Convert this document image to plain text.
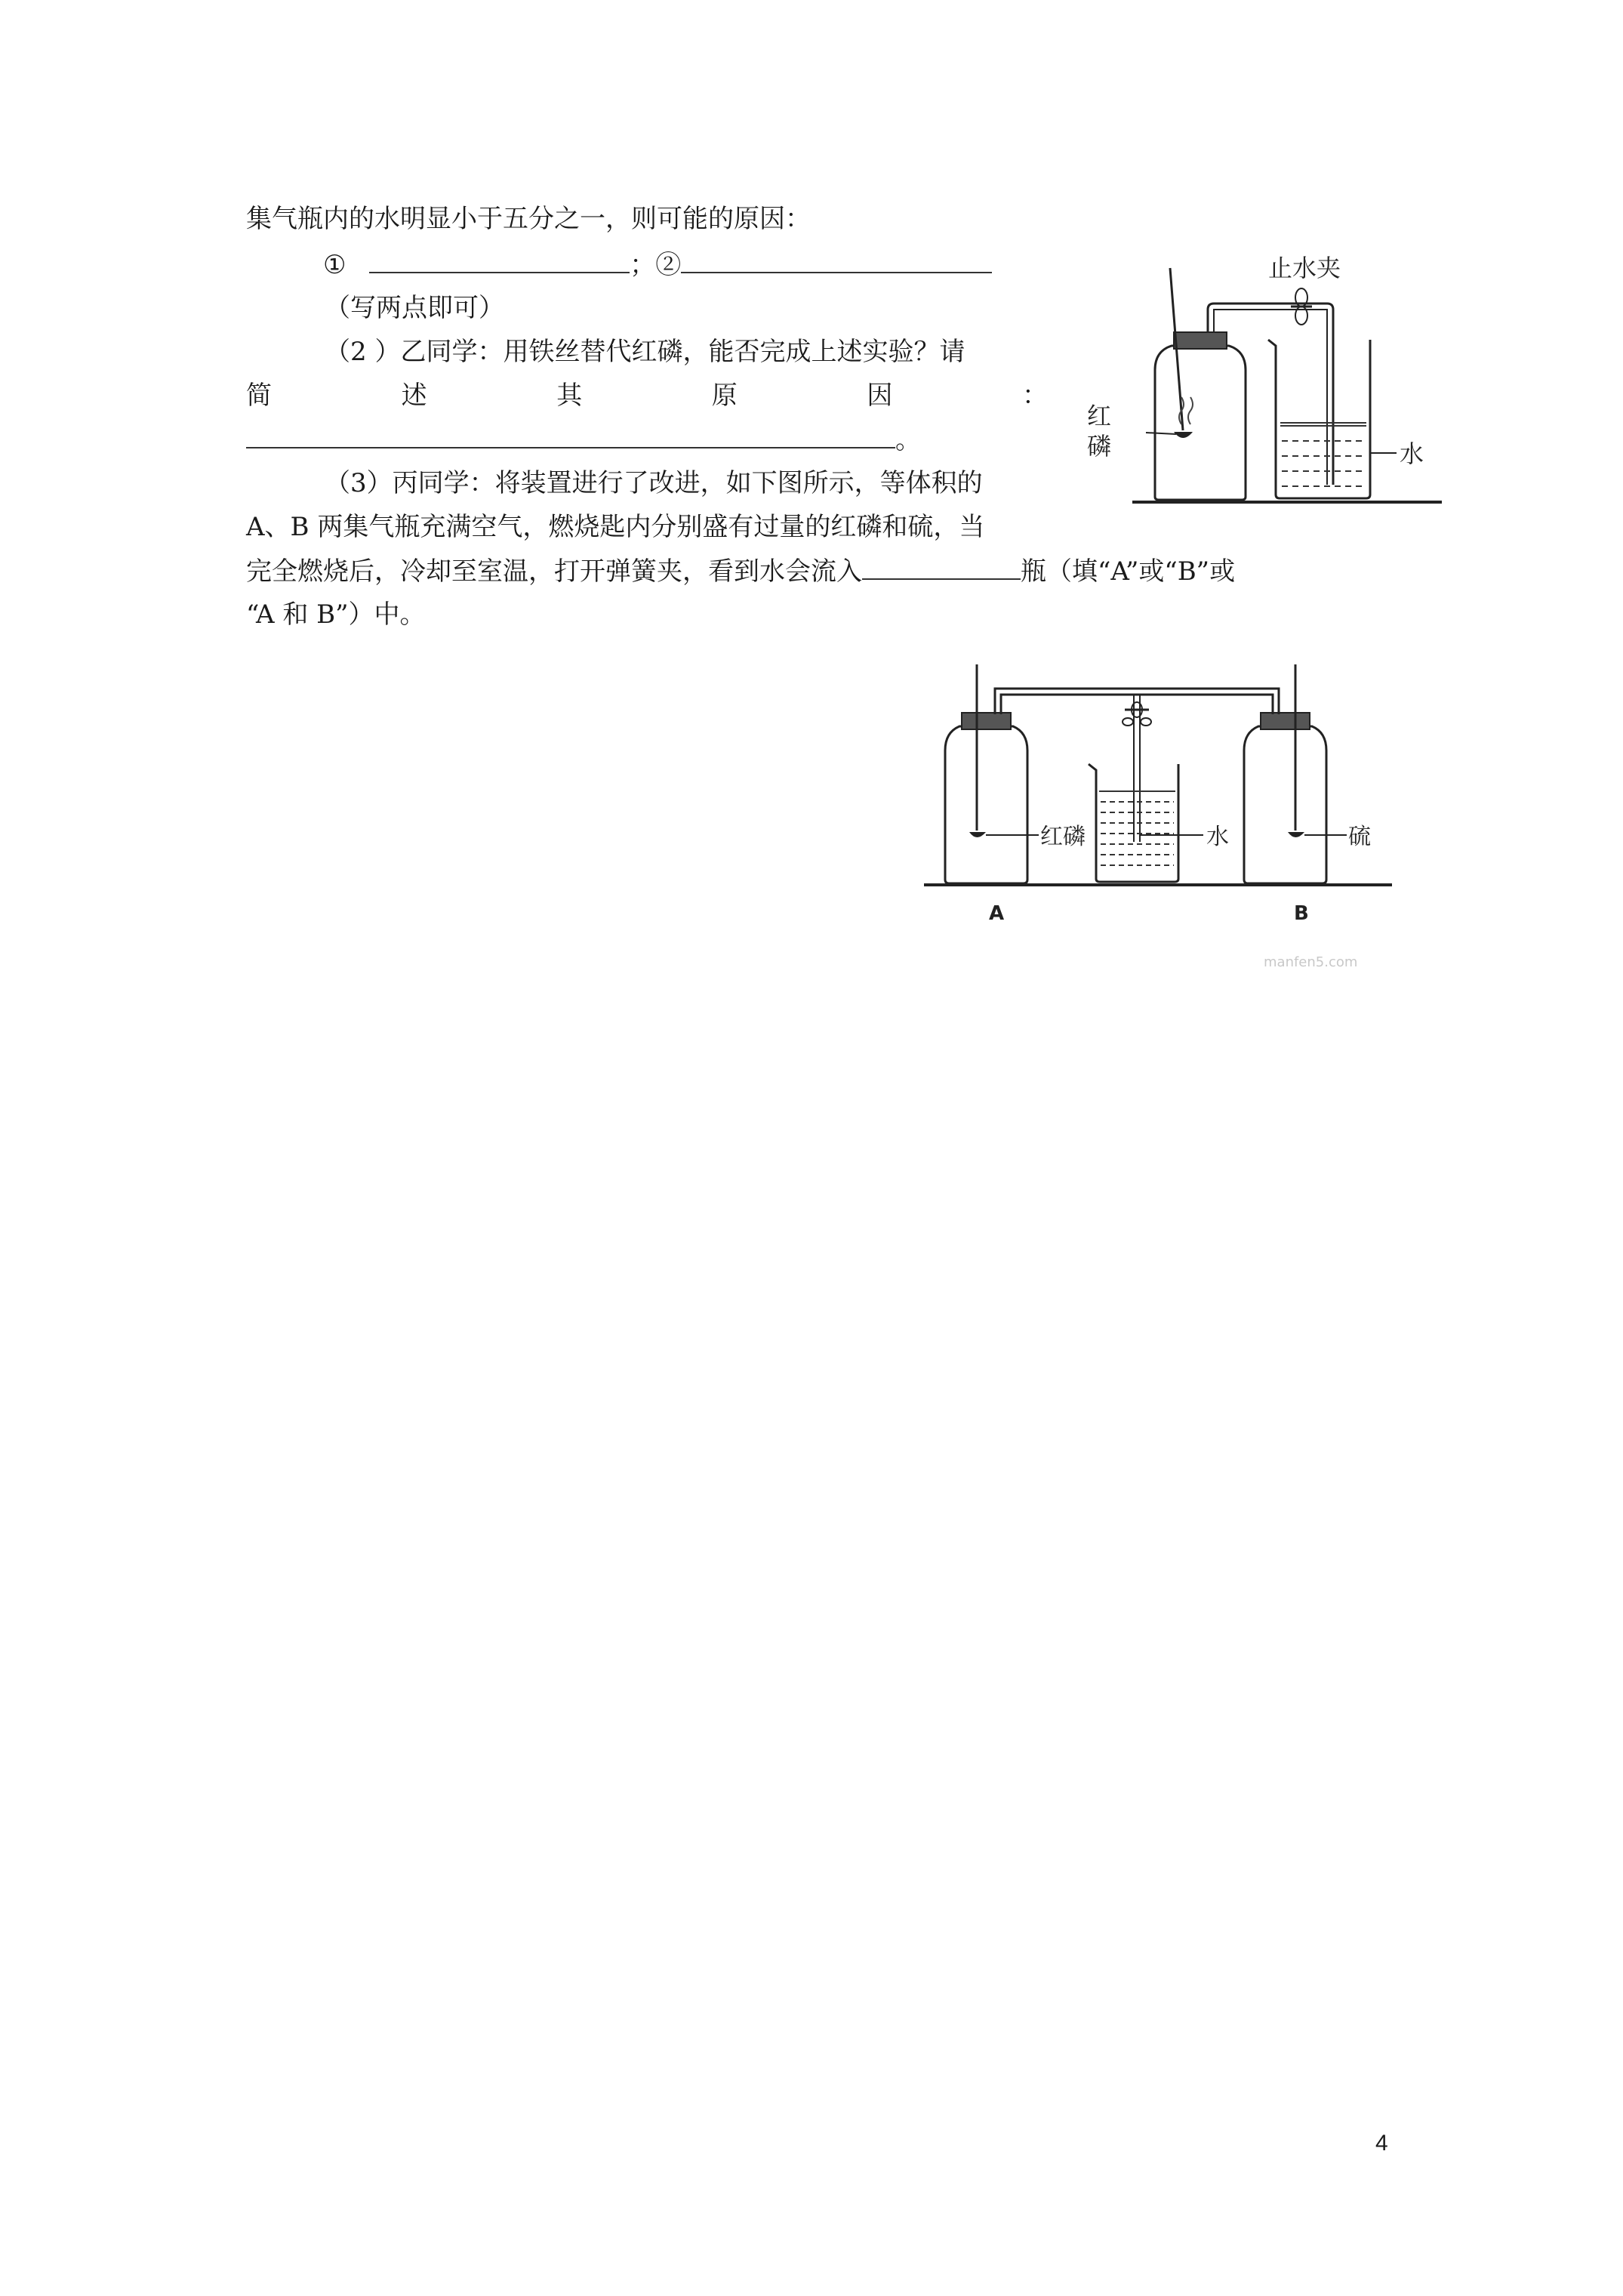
集气瓶内的水明显小于五分之一，则可能的原因：
①	；②
（写两点即可）
（2 ）乙同学：用铁丝替代红磷，能否完成上述实验？请
简	述	其	原	因	：
。
（3）丙同学：将装置进行了改进，如下图所示，等体积的
A、B 两集气瓶充满空气，燃烧匙内分别盛有过量的红磷和硫，当
完全燃烧后，冷却至室温，打开弹簧夹，看到水会流入	瓶（填“A”或“B”或
“A 和 B”）中。
止水夹
红
磷	水
红磷	水	硫
A	B
manfen5.com
4
